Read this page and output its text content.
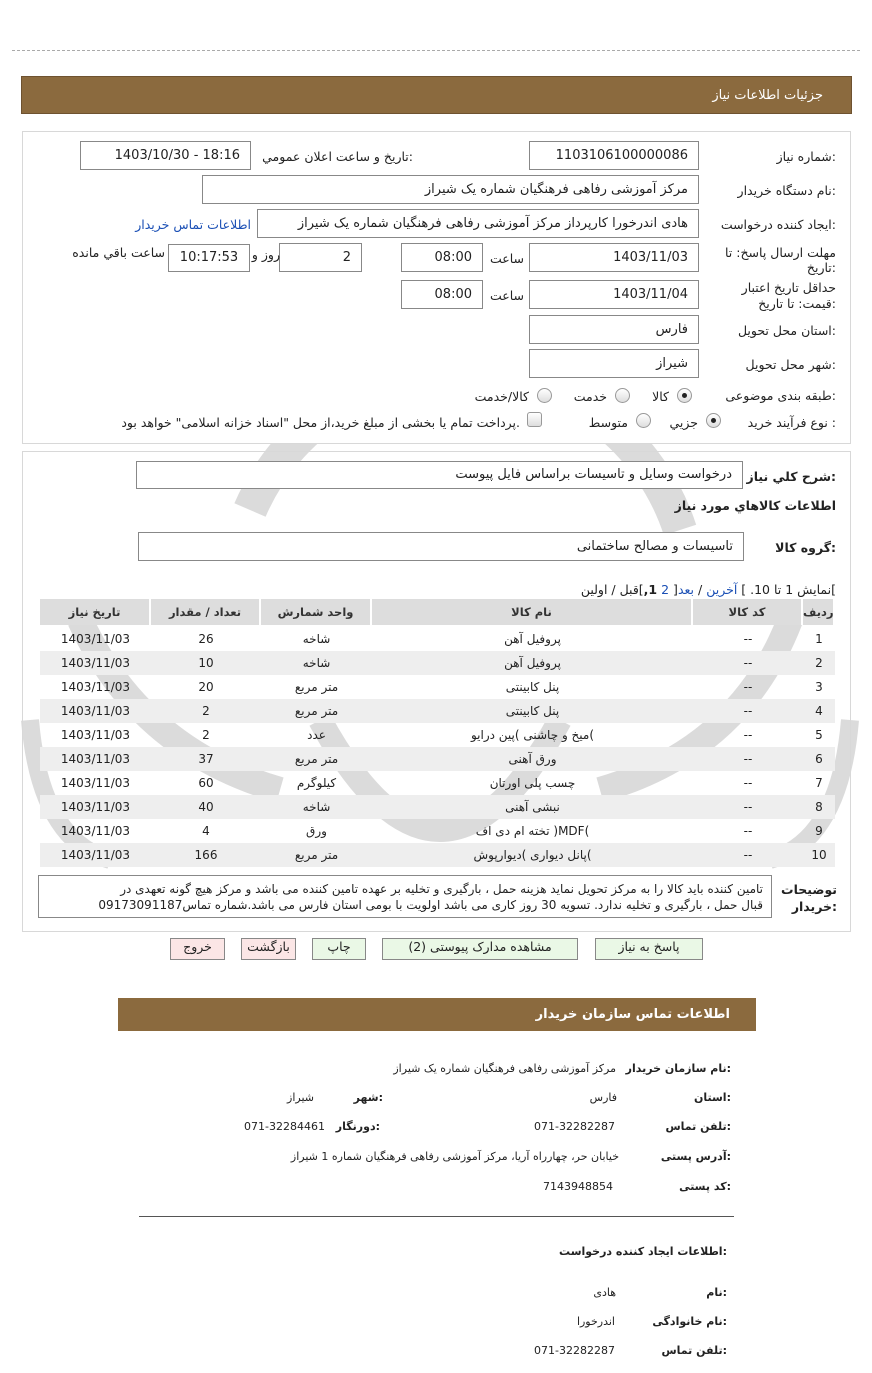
جزئیات اطلاعات نیاز
شماره نیاز:
1103106100000086
تاریخ و ساعت اعلان عمومي:
1403/10/30 - 18:16
نام دستگاه خريدار:
مرکز آموزشی رفاهی فرهنگیان شماره یک شیراز
ايجاد کننده درخواست:
هادی اندرخورا کارپرداز مرکز آموزشی رفاهی فرهنگیان شماره یک شیراز
اطلاعات تماس خريدار
مهلت ارسال پاسخ: تا
تاريخ:
1403/11/03
ساعت
08:00
2
روز و
10:17:53
ساعت باقي مانده
حداقل تاريخ اعتبار
قيمت: تا تاريخ:
1403/11/04
ساعت
08:00
استان محل تحويل:
فارس
شهر محل تحويل:
شيراز
طبقه بندی موضوعی:
کالا
خدمت
کالا/خدمت
نوع فرآيند خريد :
جزيي
متوسط
پرداخت تمام يا بخشی از مبلغ خريد،از محل "اسناد خزانه اسلامی" خواهد بود.
شرح کلي نياز:
درخواست وسایل و تاسیسات براساس فایل پیوست
اطلاعات کالاهاي مورد نياز
گروه کالا:
تاسیسات و مصالح ساختمانی
نمایش 1 تا 10. ] آخرین / بعد[ 2 1,]قبل / اولین[
رديف
کد کالا
نام کالا
واحد شمارش
تعداد / مقدار
تاريخ نياز
1
--
پروفیل آهن
شاخه
26
1403/11/03
2
--
پروفیل آهن
شاخه
10
1403/11/03
3
--
پنل کابینتی
متر مربع
20
1403/11/03
4
--
پنل کابینتی
متر مربع
2
1403/11/03
5
--
میخ و چاشنی )پین درایو(
عدد
2
1403/11/03
6
--
ورق آهنی
متر مربع
37
1403/11/03
7
--
چسب پلی اورتان
کیلوگرم
60
1403/11/03
8
--
نبشی آهنی
شاخه
40
1403/11/03
9
--
تخته ام دی اف )MDF(
ورق
4
1403/11/03
10
--
پانل دیواری )دیوارپوش(
متر مربع
166
1403/11/03
توضيحات
خريدار:
تامین کننده باید کالا را به مرکز تحویل نماید هزینه حمل ، بارگیری و تخلیه بر عهده تامین کننده می باشد و مرکز هیچ گونه تعهدی در
قبال حمل ، بارگیری و تخلیه ندارد. تسویه 30 روز کاری می باشد اولویت با بومی استان فارس می باشد.شماره تماس09173091187
پاسخ به نیاز
مشاهده مدارک پیوستی (2)
چاپ
بازگشت
خروج
اطلاعات تماس سازمان خریدار
نام سازمان خریدار:
مرکز آموزشی رفاهی فرهنگیان شماره یک شیراز
استان:
فارس
شهر:
شیراز
تلفن تماس:
071-32282287
دورنگار:
071-32284461
آدرس پستی:
خیابان حر، چهارراه آریا، مرکز آموزشی رفاهی فرهنگیان شماره 1 شیراز
کد پستی:
7143948854
اطلاعات ایجاد کننده درخواست:
نام:
هادی
نام خانوادگی:
اندرخورا
تلفن تماس:
071-32282287
